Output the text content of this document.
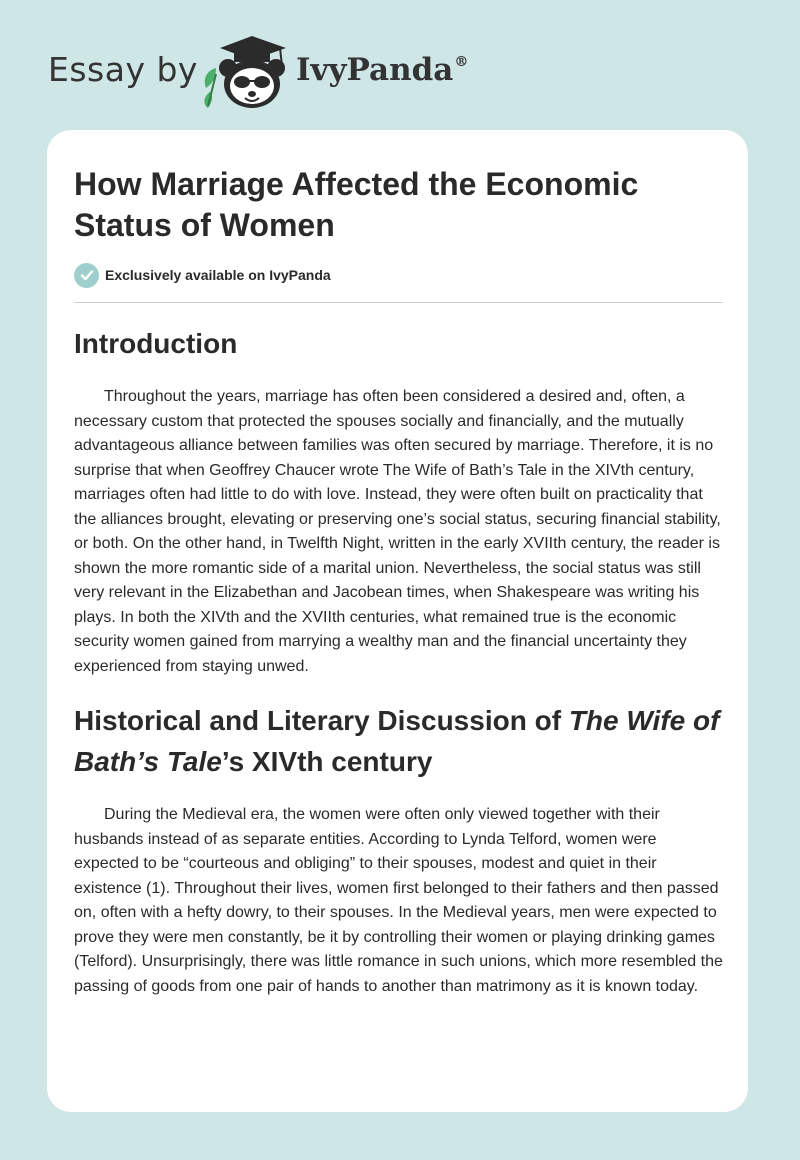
Essay by	IvyPanda®
How Marriage Affected the Economic Status of Women
Exclusively available on IvyPanda
Introduction

Throughout the years, marriage has often been considered a desired and, often, a necessary custom that protected the spouses socially and financially, and the mutually advantageous alliance between families was often secured by marriage. Therefore, it is no surprise that when Geoffrey Chaucer wrote The Wife of Bath’s Tale in the XIVth century, marriages often had little to do with love. Instead, they were often built on practicality that the alliances brought, elevating or preserving one’s social status, securing financial stability, or both. On the other hand, in Twelfth Night, written in the early XVIIth century, the reader is shown the more romantic side of a marital union. Nevertheless, the social status was still very relevant in the Elizabethan and Jacobean times, when Shakespeare was writing his plays. In both the XIVth and the XVIIth centuries, what remained true is the economic security women gained from marrying a wealthy man and the financial uncertainty they experienced from staying unwed.

Historical and Literary Discussion of The Wife of Bath’s Tale’s XIVth century

During the Medieval era, the women were often only viewed together with their husbands instead of as separate entities. According to Lynda Telford, women were expected to be “courteous and obliging” to their spouses, modest and quiet in their existence (1). Throughout their lives, women first belonged to their fathers and then passed on, often with a hefty dowry, to their spouses. In the Medieval years, men were expected to prove they were men constantly, be it by controlling their women or playing drinking games (Telford). Unsurprisingly, there was little romance in such unions, which more resembled the passing of goods from one pair of hands to another than matrimony as it is known today.
